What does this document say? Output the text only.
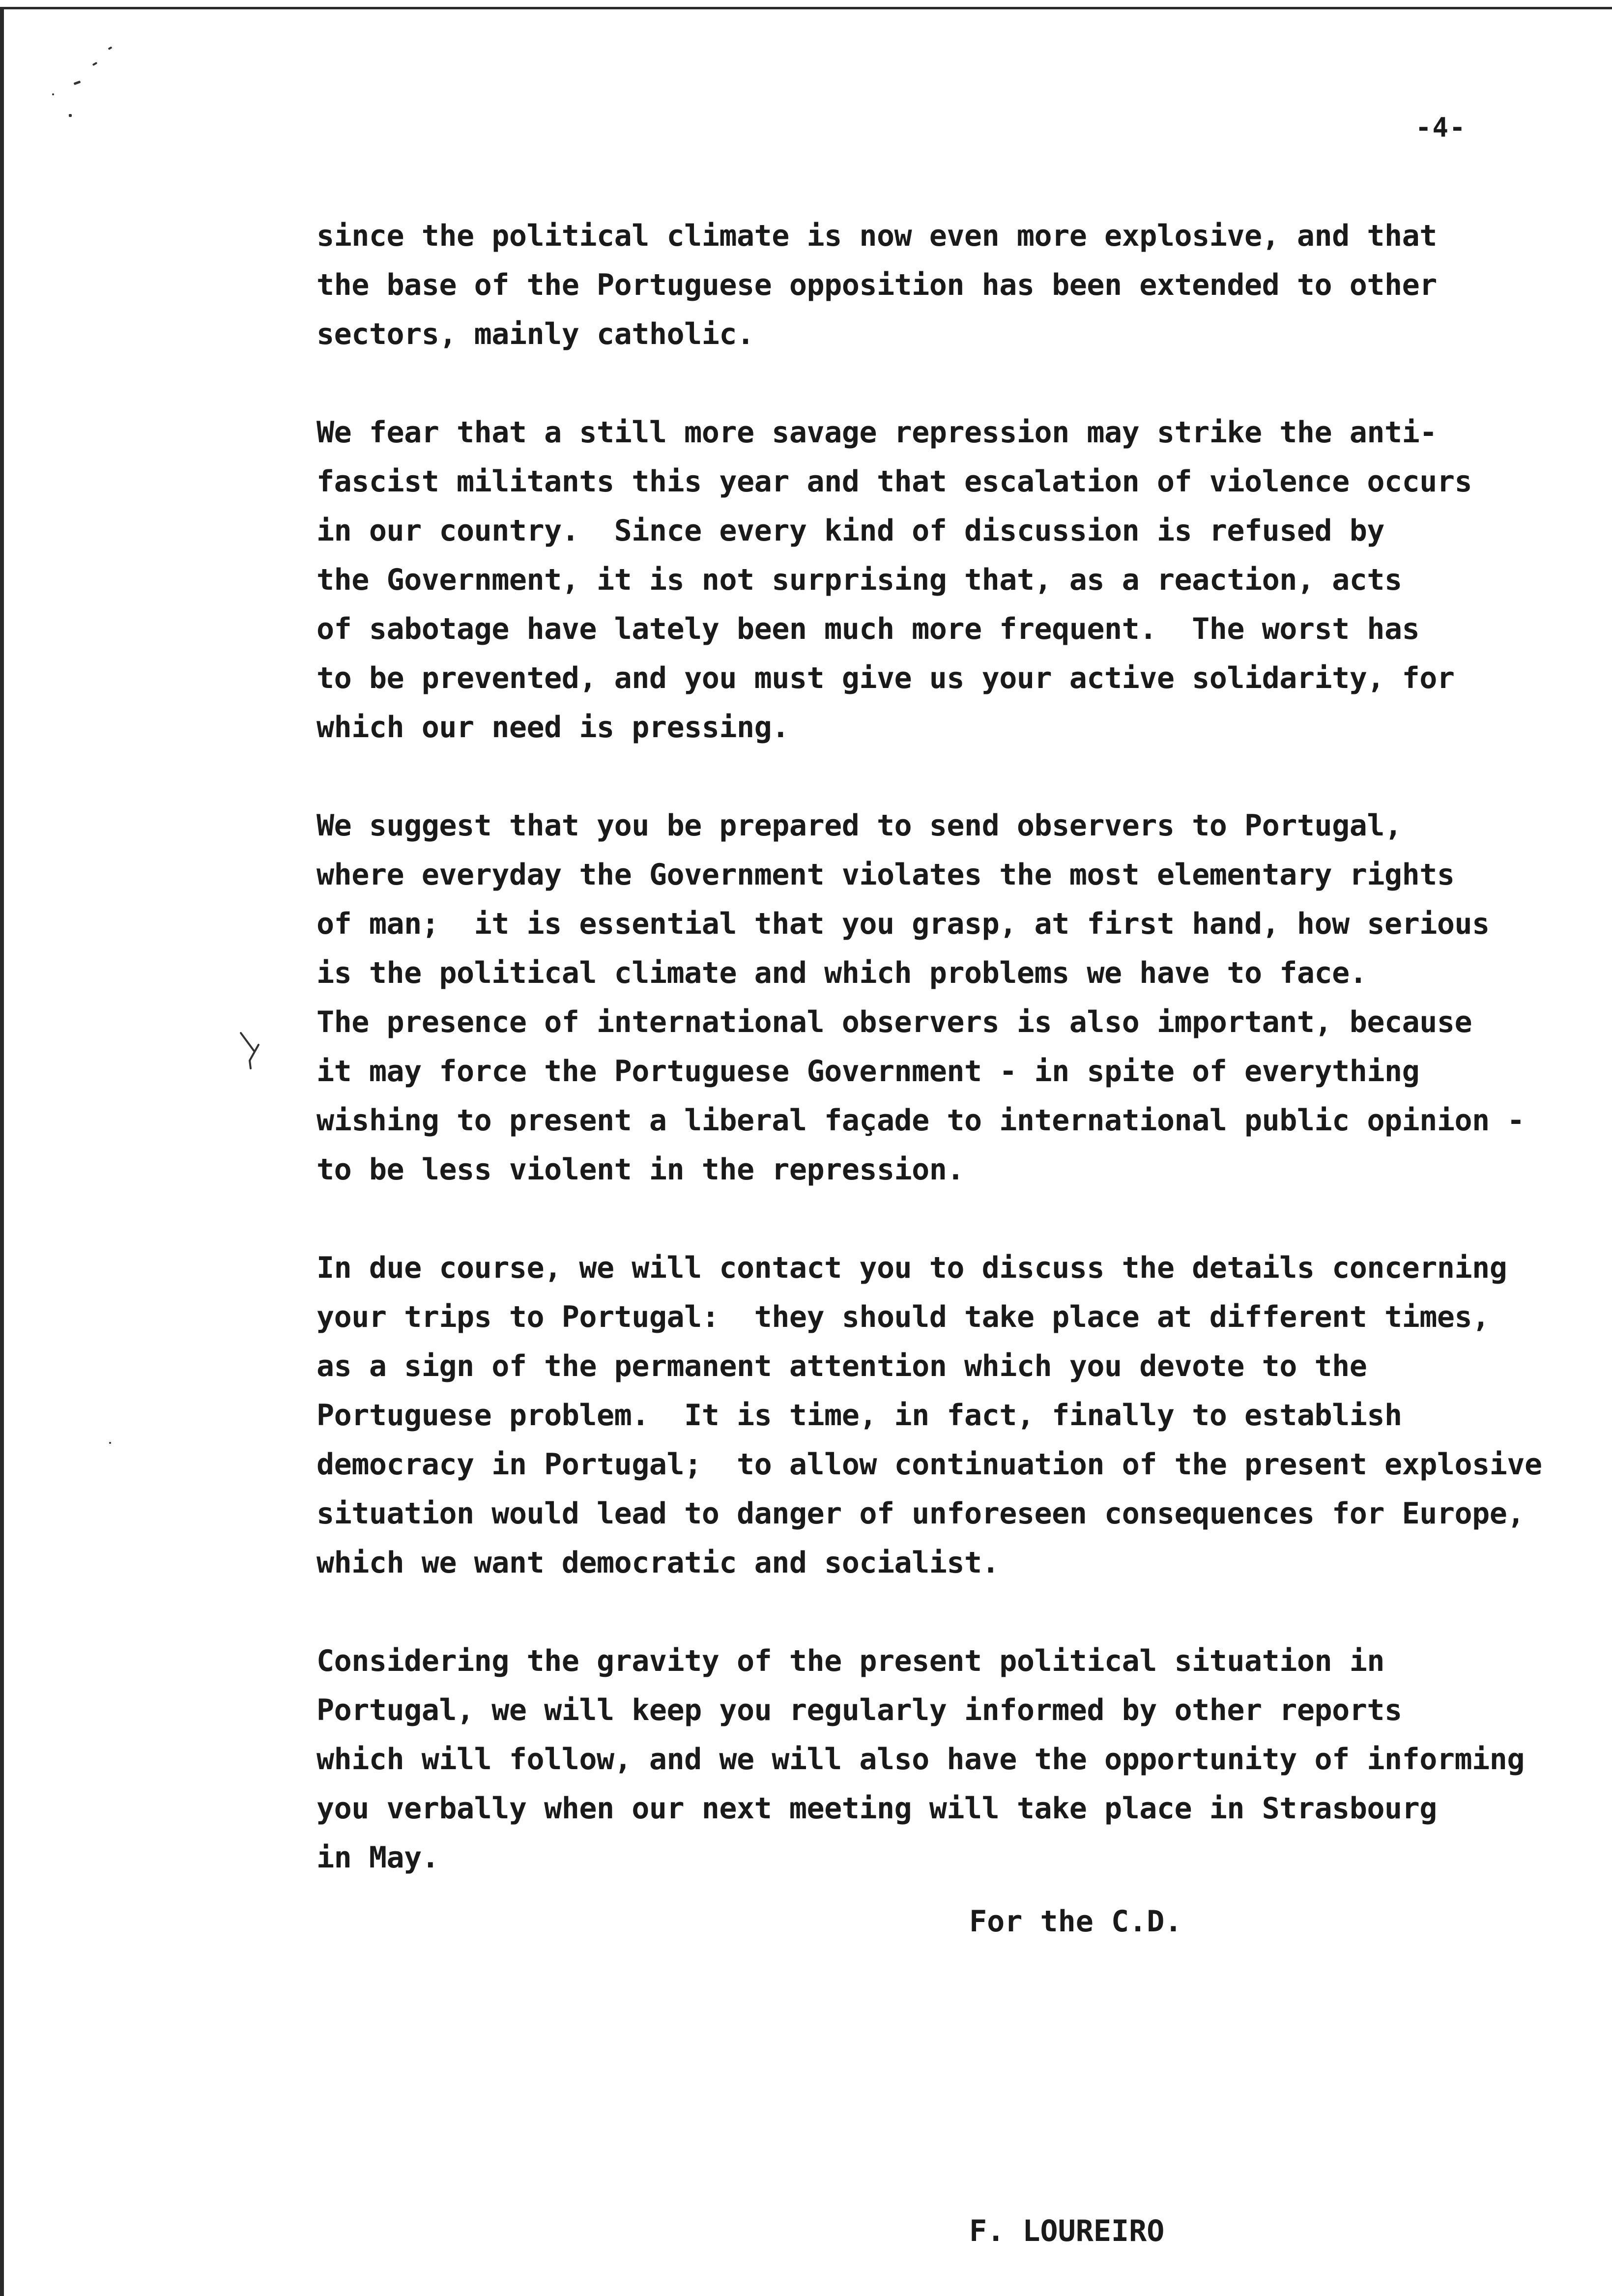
-4-
since the political climate is now even more explosive, and that
the base of the Portuguese opposition has been extended to other
sectors, mainly catholic.
We fear that a still more savage repression may strike the anti-
fascist militants this year and that escalation of violence occurs
in our country.  Since every kind of discussion is refused by
the Government, it is not surprising that, as a reaction, acts
of sabotage have lately been much more frequent.  The worst has
to be prevented, and you must give us your active solidarity, for
which our need is pressing.
We suggest that you be prepared to send observers to Portugal,
where everyday the Government violates the most elementary rights
of man;  it is essential that you grasp, at first hand, how serious
is the political climate and which problems we have to face.
The presence of international observers is also important, because
it may force the Portuguese Government - in spite of everything
wishing to present a liberal façade to international public opinion -
to be less violent in the repression.
In due course, we will contact you to discuss the details concerning
your trips to Portugal:  they should take place at different times,
as a sign of the permanent attention which you devote to the
Portuguese problem.  It is time, in fact, finally to establish
democracy in Portugal;  to allow continuation of the present explosive
situation would lead to danger of unforeseen consequences for Europe,
which we want democratic and socialist.
Considering the gravity of the present political situation in
Portugal, we will keep you regularly informed by other reports
which will follow, and we will also have the opportunity of informing
you verbally when our next meeting will take place in Strasbourg
in May.
For the C.D.
F. LOUREIRO
